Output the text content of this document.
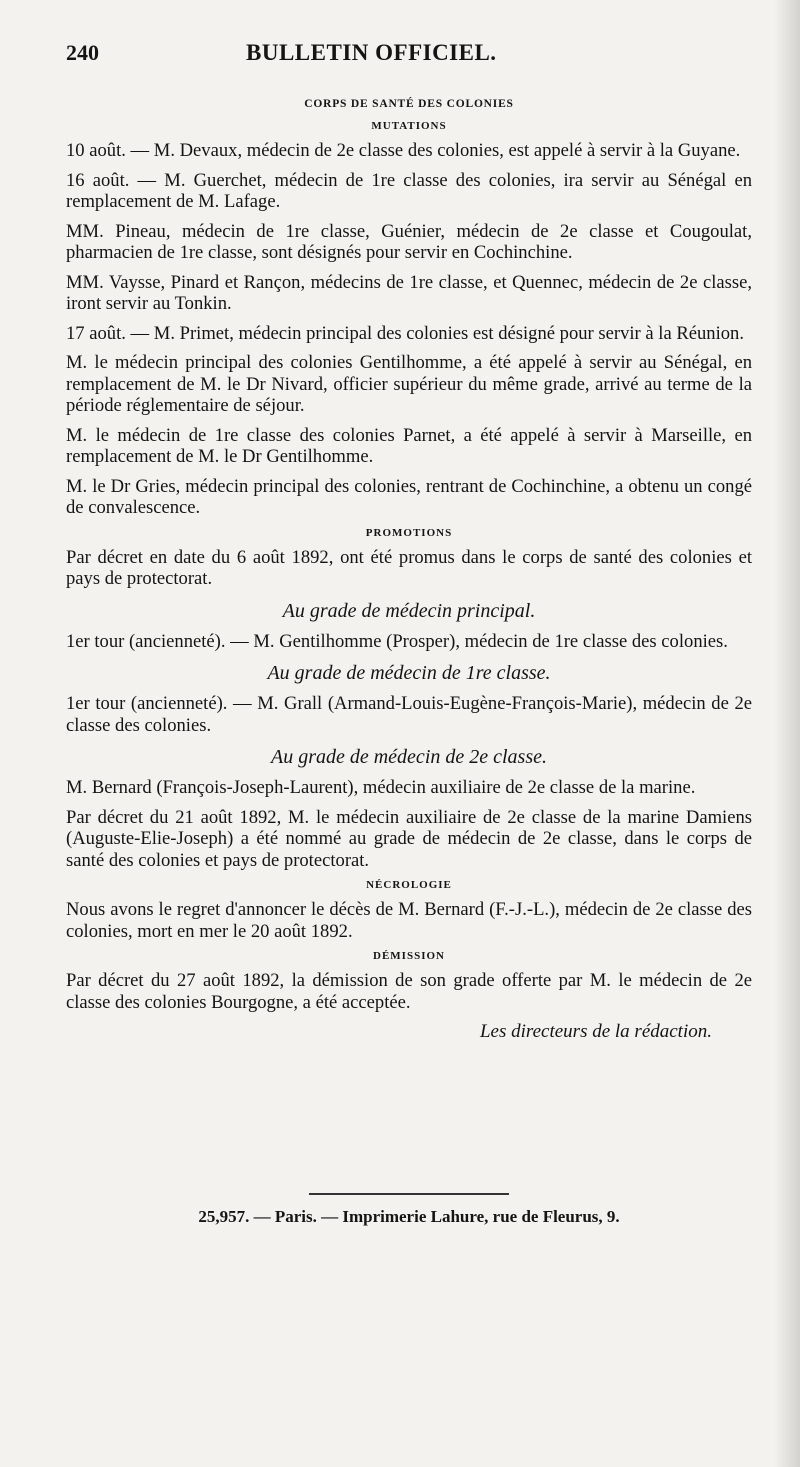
240	BULLETIN OFFICIEL.
CORPS DE SANTÉ DES COLONIES
MUTATIONS

10 août. — M. Devaux, médecin de 2e classe des colonies, est appelé à servir à la Guyane.

16 août. — M. Guerchet, médecin de 1re classe des colonies, ira servir au Sénégal en remplacement de M. Lafage.

MM. Pineau, médecin de 1re classe, Guénier, médecin de 2e classe et Cougoulat, pharmacien de 1re classe, sont désignés pour servir en Cochinchine.

MM. Vaysse, Pinard et Rançon, médecins de 1re classe, et Quennec, médecin de 2e classe, iront servir au Tonkin.

17 août. — M. Primet, médecin principal des colonies est désigné pour servir à la Réunion.

M. le médecin principal des colonies Gentilhomme, a été appelé à servir au Sénégal, en remplacement de M. le Dr Nivard, officier supérieur du même grade, arrivé au terme de la période réglementaire de séjour.

M. le médecin de 1re classe des colonies Parnet, a été appelé à servir à Marseille, en remplacement de M. le Dr Gentilhomme.

M. le Dr Gries, médecin principal des colonies, rentrant de Cochinchine, a obtenu un congé de convalescence.

PROMOTIONS

Par décret en date du 6 août 1892, ont été promus dans le corps de santé des colonies et pays de protectorat.

Au grade de médecin principal.

1er tour (ancienneté). — M. Gentilhomme (Prosper), médecin de 1re classe des colonies.

Au grade de médecin de 1re classe.

1er tour (ancienneté). — M. Grall (Armand-Louis-Eugène-François-Marie), médecin de 2e classe des colonies.

Au grade de médecin de 2e classe.

M. Bernard (François-Joseph-Laurent), médecin auxiliaire de 2e classe de la marine.

Par décret du 21 août 1892, M. le médecin auxiliaire de 2e classe de la marine Damiens (Auguste-Elie-Joseph) a été nommé au grade de médecin de 2e classe, dans le corps de santé des colonies et pays de protectorat.

NÉCROLOGIE

Nous avons le regret d'annoncer le décès de M. Bernard (F.-J.-L.), médecin de 2e classe des colonies, mort en mer le 20 août 1892.

DÉMISSION

Par décret du 27 août 1892, la démission de son grade offerte par M. le médecin de 2e classe des colonies Bourgogne, a été acceptée.

Les directeurs de la rédaction.
25,957. — Paris. — Imprimerie Lahure, rue de Fleurus, 9.
